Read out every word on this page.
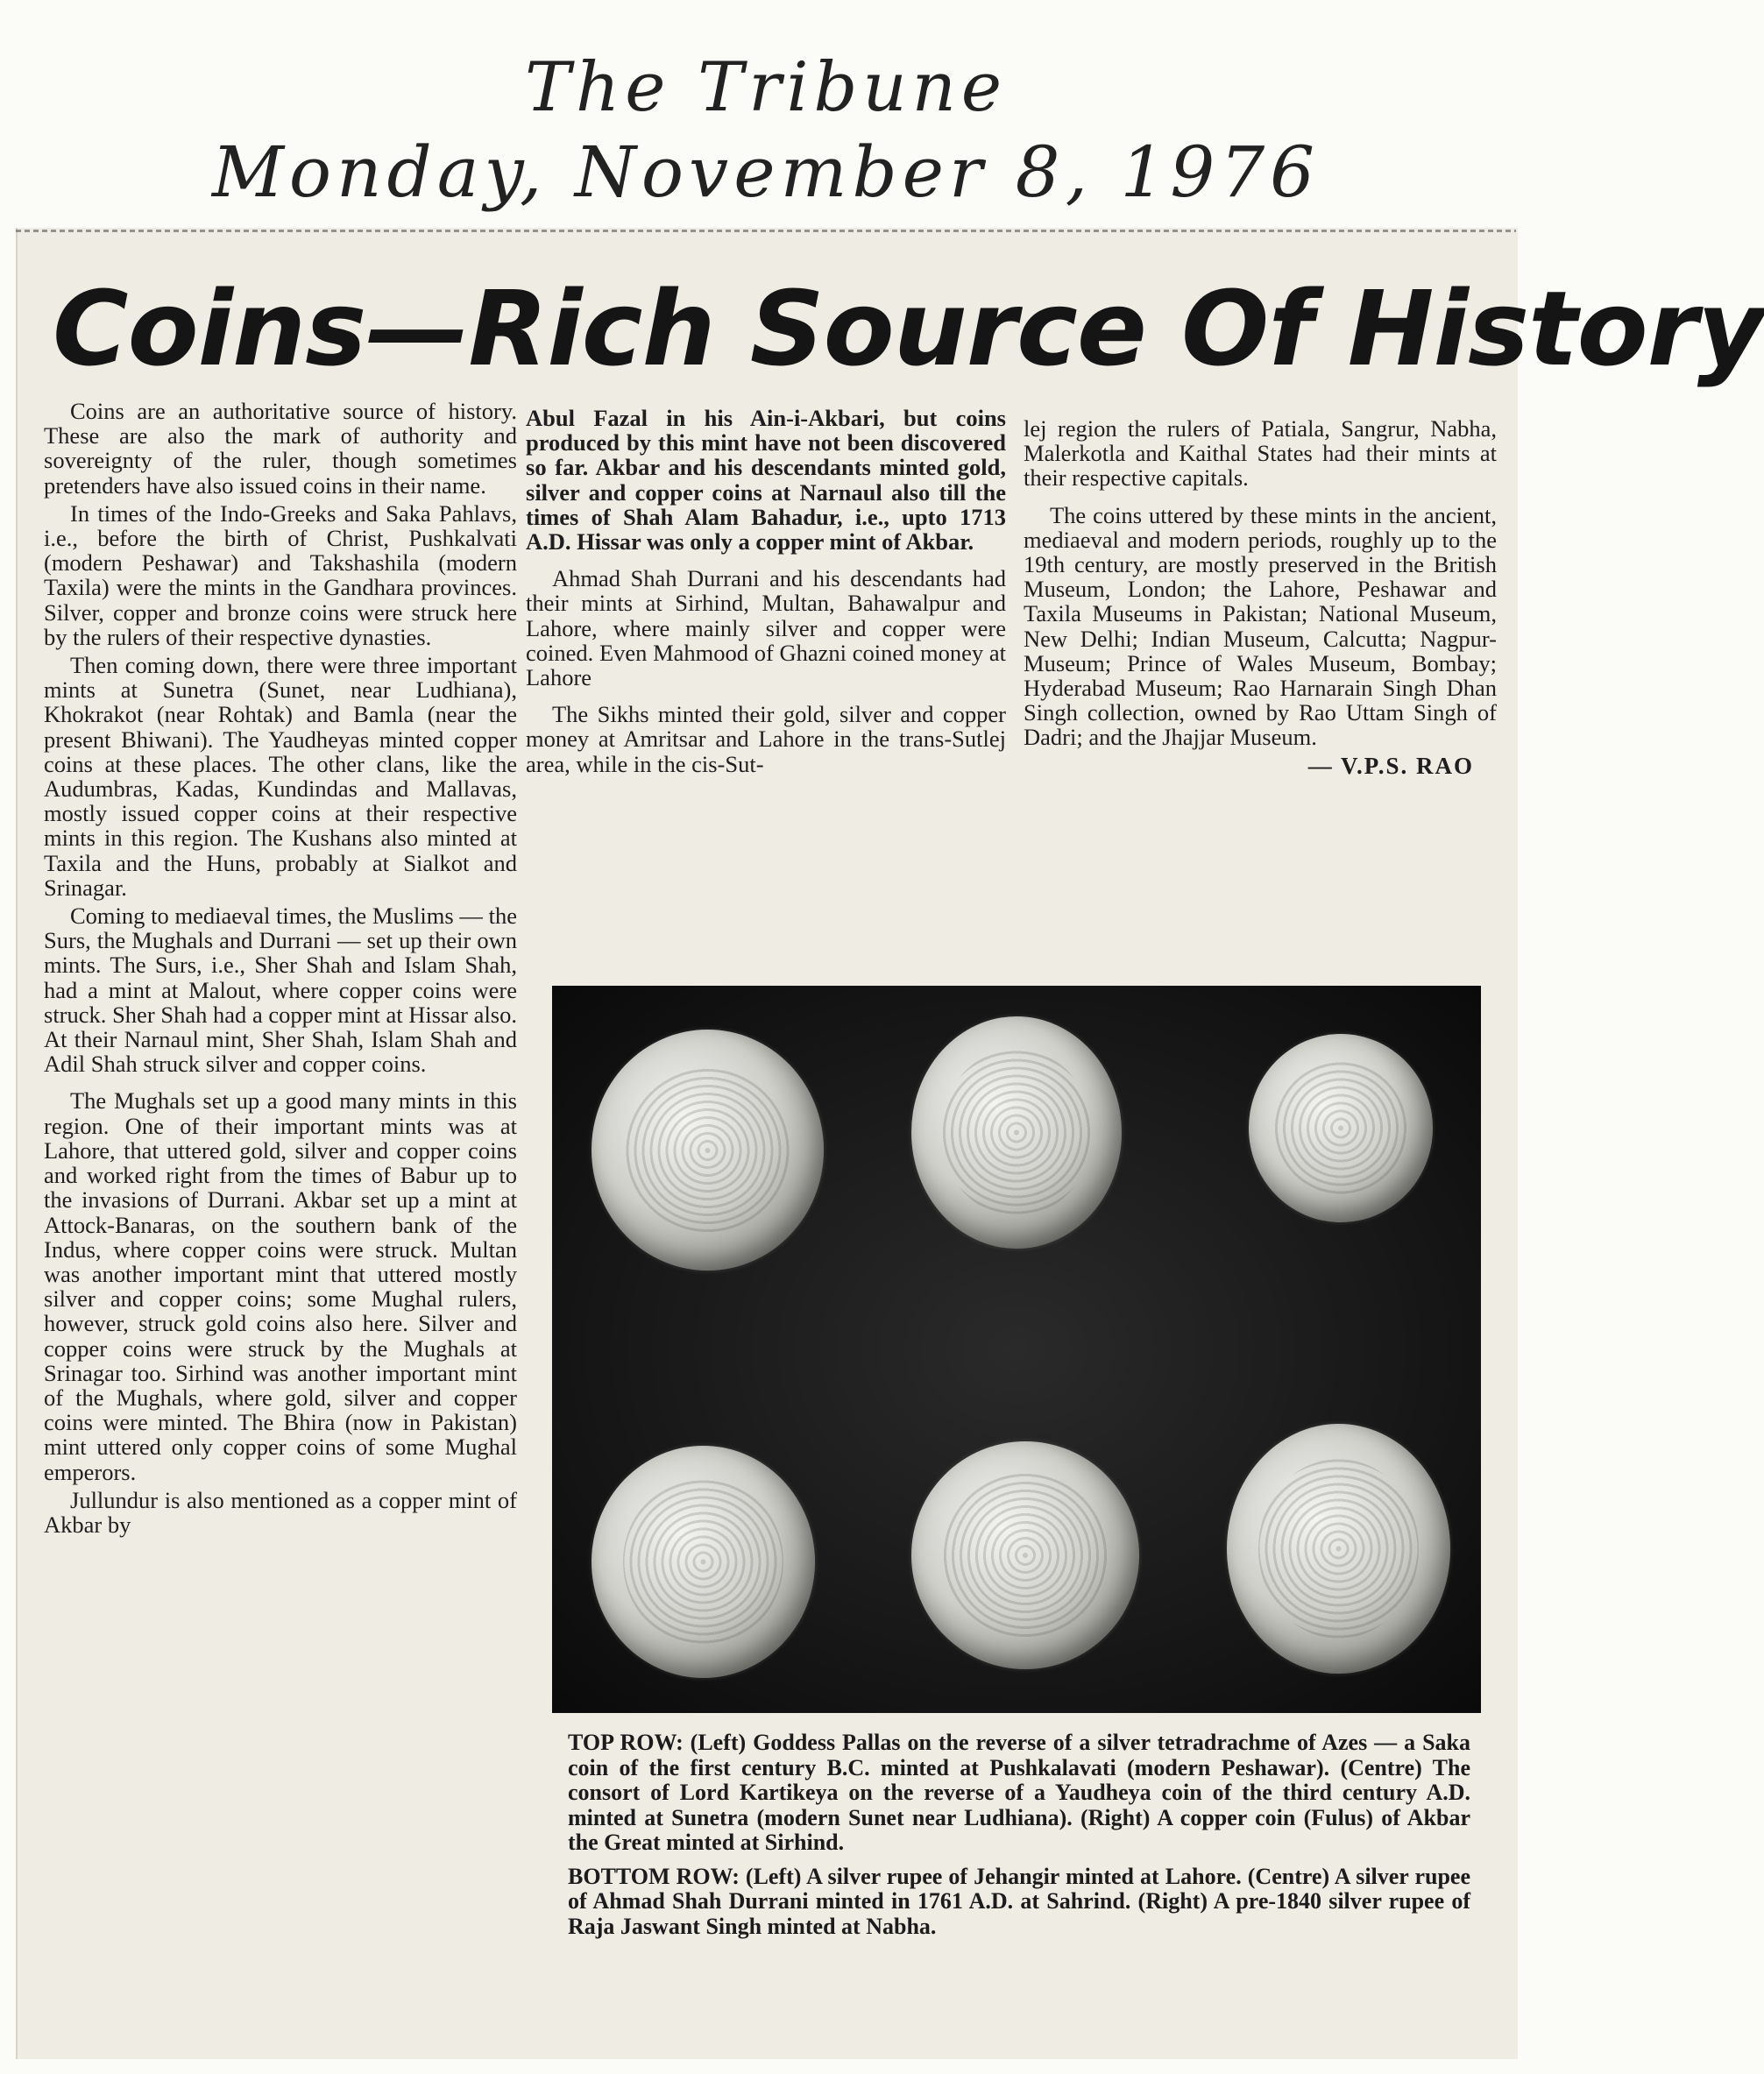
The Tribune
Monday, November 8, 1976
Coins—Rich Source Of History

Coins are an authoritative source of history. These are also the mark of authority and sovereignty of the ruler, though sometimes pretenders have also issued coins in their name.

In times of the Indo-Greeks and Saka Pahlavs, i.e., before the birth of Christ, Pushkalvati (modern Peshawar) and Takshashila (modern Taxila) were the mints in the Gandhara provinces. Silver, copper and bronze coins were struck here by the rulers of their respective dynasties.

Then coming down, there were three important mints at Sunetra (Sunet, near Ludhiana), Khokrakot (near Rohtak) and Bamla (near the present Bhiwani). The Yaudheyas minted copper coins at these places. The other clans, like the Audumbras, Kadas, Kundindas and Mallavas, mostly issued copper coins at their respective mints in this region. The Kushans also minted at Taxila and the Huns, probably at Sialkot and Srinagar.

Coming to mediaeval times, the Muslims — the Surs, the Mughals and Durrani — set up their own mints. The Surs, i.e., Sher Shah and Islam Shah, had a mint at Malout, where copper coins were struck. Sher Shah had a copper mint at Hissar also. At their Narnaul mint, Sher Shah, Islam Shah and Adil Shah struck silver and copper coins.

The Mughals set up a good many mints in this region. One of their important mints was at Lahore, that uttered gold, silver and copper coins and worked right from the times of Babur up to the invasions of Durrani. Akbar set up a mint at Attock-Banaras, on the southern bank of the Indus, where copper coins were struck. Multan was another important mint that uttered mostly silver and copper coins; some Mughal rulers, however, struck gold coins also here. Silver and copper coins were struck by the Mughals at Srinagar too. Sirhind was another important mint of the Mughals, where gold, silver and copper coins were minted. The Bhira (now in Pakistan) mint uttered only copper coins of some Mughal emperors.

Jullundur is also mentioned as a copper mint of Akbar by

Abul Fazal in his Ain-i-Akbari, but coins produced by this mint have not been discovered so far. Akbar and his descendants minted gold, silver and copper coins at Narnaul also till the times of Shah Alam Bahadur, i.e., upto 1713 A.D. Hissar was only a copper mint of Akbar.

Ahmad Shah Durrani and his descendants had their mints at Sirhind, Multan, Bahawalpur and Lahore, where mainly silver and copper were coined. Even Mahmood of Ghazni coined money at Lahore

The Sikhs minted their gold, silver and copper money at Amritsar and Lahore in the trans-Sutlej area, while in the cis-Sut-

lej region the rulers of Patiala, Sangrur, Nabha, Malerkotla and Kaithal States had their mints at their respective capitals.

The coins uttered by these mints in the ancient, mediaeval and modern periods, roughly up to the 19th century, are mostly preserved in the British Museum, London; the Lahore, Peshawar and Taxila Museums in Pakistan; National Museum, New Delhi; Indian Museum, Calcutta; Nagpur-Museum; Prince of Wales Museum, Bombay; Hyderabad Museum; Rao Harnarain Singh Dhan Singh collection, owned by Rao Uttam Singh of Dadri; and the Jhajjar Museum.

— V.P.S. RAO

TOP ROW: (Left) Goddess Pallas on the reverse of a silver tetradrachme of Azes — a Saka coin of the first century B.C. minted at Pushkalavati (modern Peshawar). (Centre) The consort of Lord Kartikeya on the reverse of a Yaudheya coin of the third century A.D. minted at Sunetra (modern Sunet near Ludhiana). (Right) A copper coin (Fulus) of Akbar the Great minted at Sirhind.

BOTTOM ROW: (Left) A silver rupee of Jehangir minted at Lahore. (Centre) A silver rupee of Ahmad Shah Durrani minted in 1761 A.D. at Sahrind. (Right) A pre-1840 silver rupee of Raja Jaswant Singh minted at Nabha.
